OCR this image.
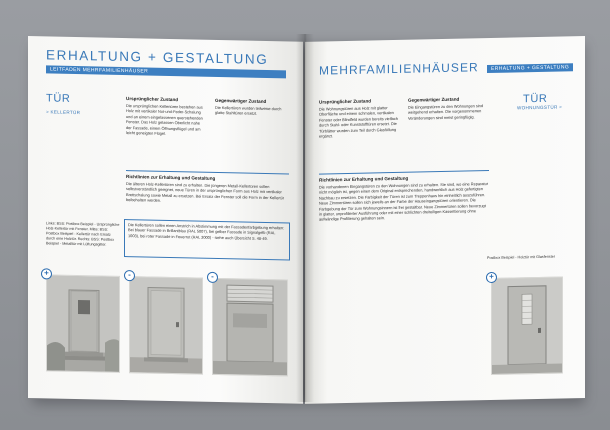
ERHALTUNG + GESTALTUNG
LEITFADEN MEHRFAMILIENHÄUSER
TÜR
> KELLERTÜR
Ursprünglicher Zustand
Die ursprünglichen Kellertüren bestehen aus Holz mit vertikaler Nut-und-Feder-Schalung und an einem eingelassenen querstehenden Fenster. Das Holz gelassen Oberlicht nahe der Fassade, einem Öffnungsflügel und am leicht geneigten Flügel.
Gegenwärtiger Zustand
Die Kellertüren wurden teilweise durch glatte Stahltüren ersetzt.
Richtlinien zur Erhaltung und Gestaltung
Die älteren Holz-Kellertüren sind zu erhalten. Die jüngeren Metall-Kellertüren sollen selbstverständlich geeignet, neue Türen in der ursprünglichen Form aus Holz mit vertikaler Brettschalung sowie Metall zu ersetzen. Bei Ersatz der Fenster soll die Form in der Kellertür beibehalten werden.
Die Kellertüren sollen einen Anstrich in Abstimmung mit der Fassadenfarbgebung erhalten: Bei blauer Fassade in Brillantblau (RAL 5007), bei gelber Fassade in Signalgelb (RAL 1003), bei roter Fassade in Feuerrot (RAL 3000) - siehe auch Übersicht S. 48-49.
Links: BSS: Postbox Beispiel - Ursprüngliche Holz-Kellertür mit Fenster. Mitte: BSS: Postbox Beispiel - Kellertür nach Ersatz durch eine Holztür. Rechts: BSS: Postbox Beispiel - Metalltür mit Lüftungsgitter.
+	-	-
MEHRFAMILIENHÄUSER	ERHALTUNG + GESTALTUNG
TÜR
WOHNUNGSTÜR >
Ursprünglicher Zustand
Die Wohnungstüren aus Holz mit glatter Oberfläche und einem schmalen, vertikalen Fenster oder Blindfeld wurden bereits vielfach durch Stahl- oder Kunststofftüren ersetzt. Die Türblätter wurden zum Teil durch Glasfüllung ergänzt.
Gegenwärtiger Zustand
Die Eingangstüren zu den Wohnungen sind weitgehend erhalten. Die vorgenommenen Veränderungen sind meist geringfügig.
Richtlinien zur Erhaltung und Gestaltung
Die vorhandenen Eingangstüren zu den Wohnungen sind zu erhalten. Sie sind, wo eine Reparatur nicht möglich ist, gegen einen dem Original entsprechenden, handwerklich aus Holz gefertigten Nachbau zu ersetzen. Die Farbigkeit der Türen ist zum Treppenhaus hin einheitlich auszuführen. Neue Zimmertüren sollen sich jeweils an der Farbe der Hauseingangstüren orientieren. Die Farbgebung der Tür zum Wohnungsinnern ist frei gestaltbar. Neue Zimmertüren sollen bevorzugt in glatter, unprofilierter Ausführung oder mit einer schlichten dreiteiligen Kassettierung ohne aufwändige Profilierung gehalten sein.
Postbox Beispiel - Holztür mit Glasfenster
+
